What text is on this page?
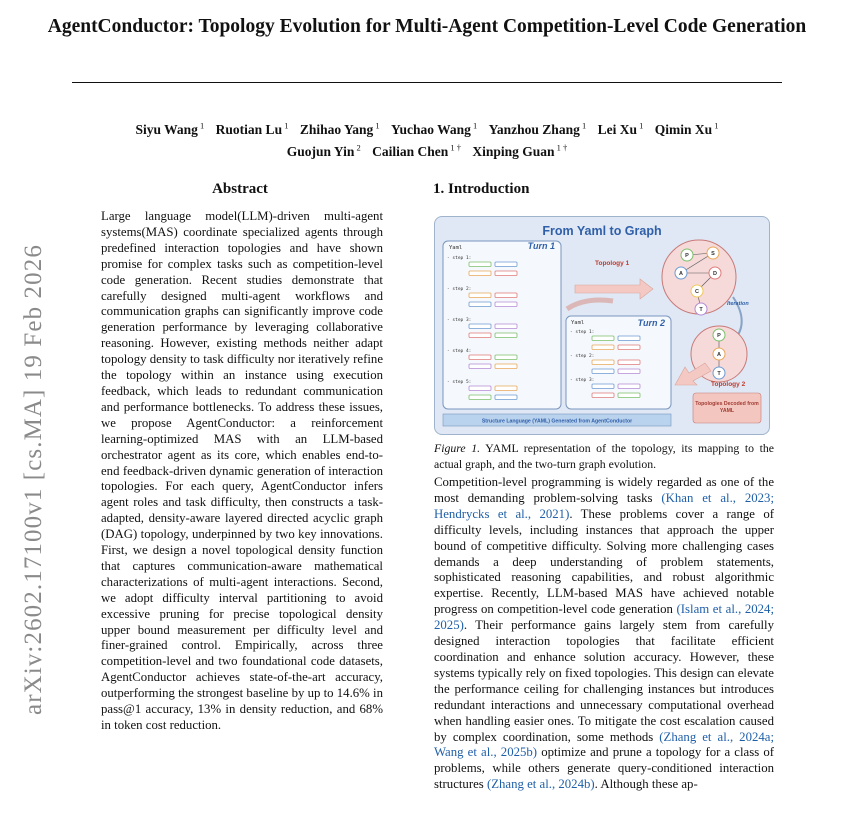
AgentConductor: Topology Evolution for Multi-Agent Competition-Level Code Generation
Siyu Wang $^1$ Ruotian Lu $^1$ Zhihao Yang $^1$ Yuchao Wang $^1$ Yanzhou Zhang $^1$ Lei Xu $^1$ Qimin Xu $^1$
Guojun Yin $^2$ Cailian Chen $^{1 \dagger}$ Xinping Guan $^{1 \dagger}$
arXiv:2602.17100v1 [cs.MA] 19 Feb 2026
Abstract

Large language model(LLM)-driven multi-agent systems(MAS) coordinate specialized agents through predefined interaction topologies and have shown promise for complex tasks such as competition-level code generation. Recent studies demonstrate that carefully designed multi-agent workflows and communication graphs can significantly improve code generation performance by leveraging collaborative reasoning. However, existing methods neither adapt topology density to task difficulty nor iteratively refine the topology within an instance using execution feedback, which leads to redundant communication and performance bottlenecks. To address these issues, we propose AgentConductor: a reinforcement learning-optimized MAS with an LLM-based orchestrator agent as its core, which enables end-to-end feedback-driven dynamic generation of interaction topologies. For each query, AgentConductor infers agent roles and task difficulty, then constructs a task-adapted, density-aware layered directed acyclic graph (DAG) topology, underpinned by two key innovations. First, we design a novel topological density function that captures communication-aware mathematical characterizations of multi-agent interactions. Second, we adopt difficulty interval partitioning to avoid excessive pruning for precise topological density upper bound measurement per difficulty level and finer-grained control. Empirically, across three competition-level and two foundational code datasets, AgentConductor achieves state-of-the-art accuracy, outperforming the strongest baseline by up to 14.6% in pass@1 accuracy, 13% in density reduction, and 68% in token cost reduction.

1. Introduction
From Yaml to Graph
Yaml	Turn 1
- step 1:
- step 2:
- step 3:
- step 4:
- step 5:
Yaml	Turn 2
- step 1:
- step 2:
- step 3:
Topology 1
P	S
A	D
C
T
Iteration
P
A
T
Topology 2
Structure Language (YAML) Generated from AgentConductor
Topologies Decoded from YAML
Figure 1. YAML representation of the topology, its mapping to the actual graph, and the two-turn graph evolution.

Competition-level programming is widely regarded as one of the most demanding problem-solving tasks (Khan et al., 2023; Hendrycks et al., 2021). These problems cover a range of difficulty levels, including instances that approach the upper bound of competitive difficulty. Solving more challenging cases demands a deep understanding of problem statements, sophisticated reasoning capabilities, and robust algorithmic expertise. Recently, LLM-based MAS have achieved notable progress on competition-level code generation (Islam et al., 2024; 2025). Their performance gains largely stem from carefully designed interaction topologies that facilitate efficient coordination and enhance solution accuracy. However, these systems typically rely on fixed topologies. This design can elevate the performance ceiling for challenging instances but introduces redundant interactions and unnecessary computational overhead when handling easier ones. To mitigate the cost escalation caused by complex coordination, some methods (Zhang et al., 2024a; Wang et al., 2025b) optimize and prune a topology for a class of problems, while others generate query-conditioned interaction structures (Zhang et al., 2024b). Although these ap-
